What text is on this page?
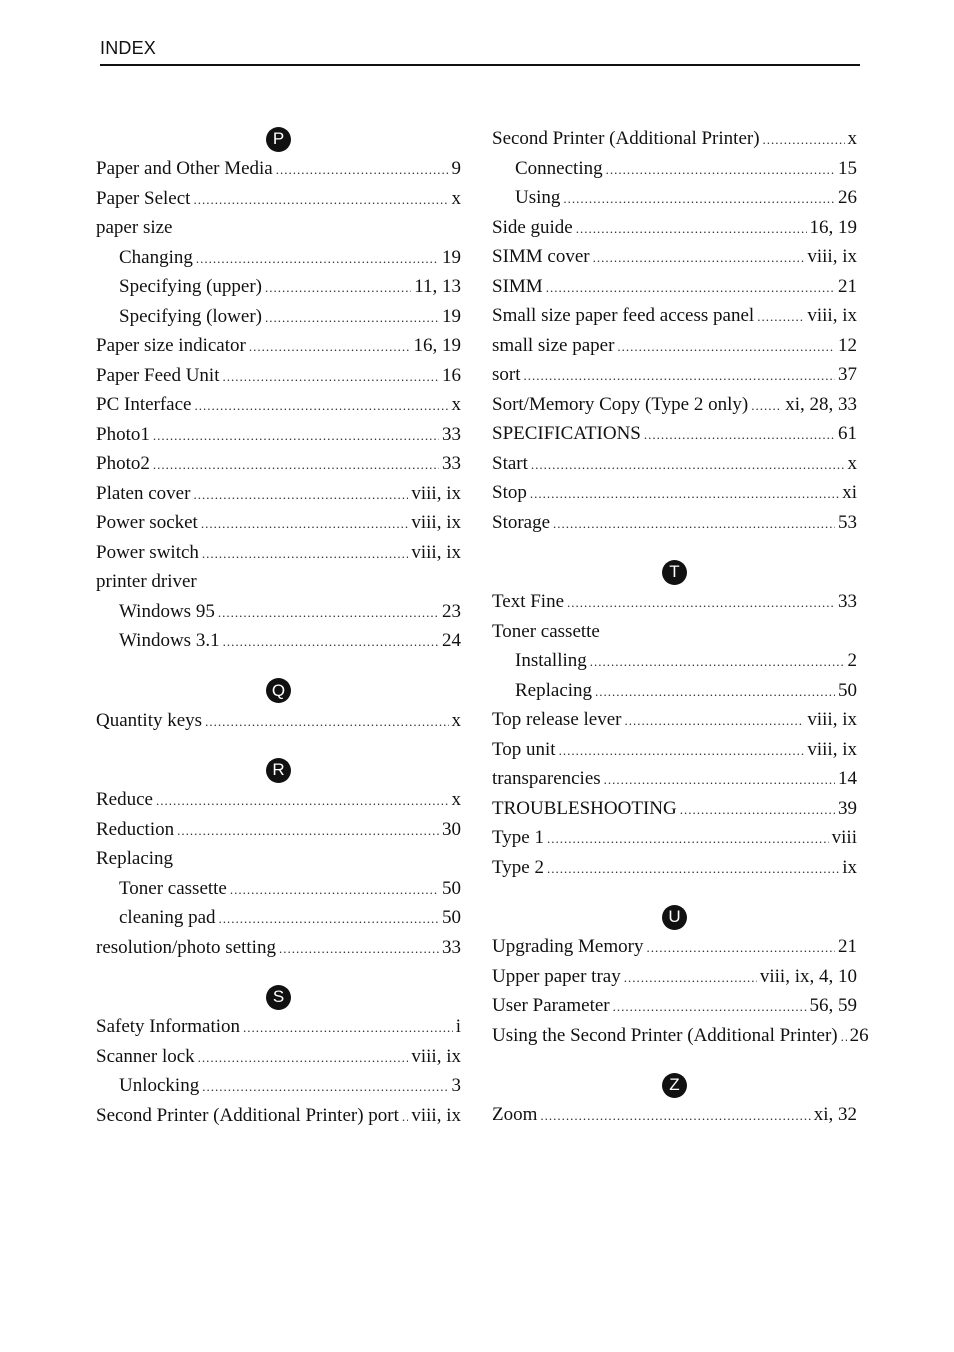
INDEX
P
Paper and Other Media .....	9
Paper Select .....	x
paper size
Changing .....	19
Specifying (upper) .....	11, 13
Specifying (lower) .....	19
Paper size indicator .....	16, 19
Paper Feed Unit .....	16
PC Interface .....	x
Photo1 .....	33
Photo2 .....	33
Platen cover .....	viii, ix
Power socket .....	viii, ix
Power switch .....	viii, ix
printer driver
Windows 95 .....	23
Windows 3.1 .....	24
Q
Quantity keys .....	x
R
Reduce .....	x
Reduction .....	30
Replacing
Toner cassette .....	50
cleaning pad .....	50
resolution/photo setting .....	33
S
Safety Information .....	i
Scanner lock .....	viii, ix
Unlocking .....	3
Second Printer (Additional Printer) port ..... viii, ix
Second Printer (Additional Printer) .....	x
Connecting .....	15
Using .....	26
Side guide .....	16, 19
SIMM cover .....	viii, ix
SIMM .....	21
Small size paper feed access panel .....	viii, ix
small size paper .....	12
sort .....	37
Sort/Memory Copy (Type 2 only) ..... xi, 28, 33
SPECIFICATIONS .....	61
Start .....	x
Stop .....	xi
Storage .....	53
T
Text Fine .....	33
Toner cassette
Installing .....	2
Replacing .....	50
Top release lever .....	viii, ix
Top unit .....	viii, ix
transparencies .....	14
TROUBLESHOOTING .....	39
Type 1 .....	viii
Type 2 .....	ix
U
Upgrading Memory .....	21
Upper paper tray .....	viii, ix, 4, 10
User Parameter .....	56, 59
Using the Second Printer (Additional Printer) ..... 26
Z
Zoom .....	xi, 32
